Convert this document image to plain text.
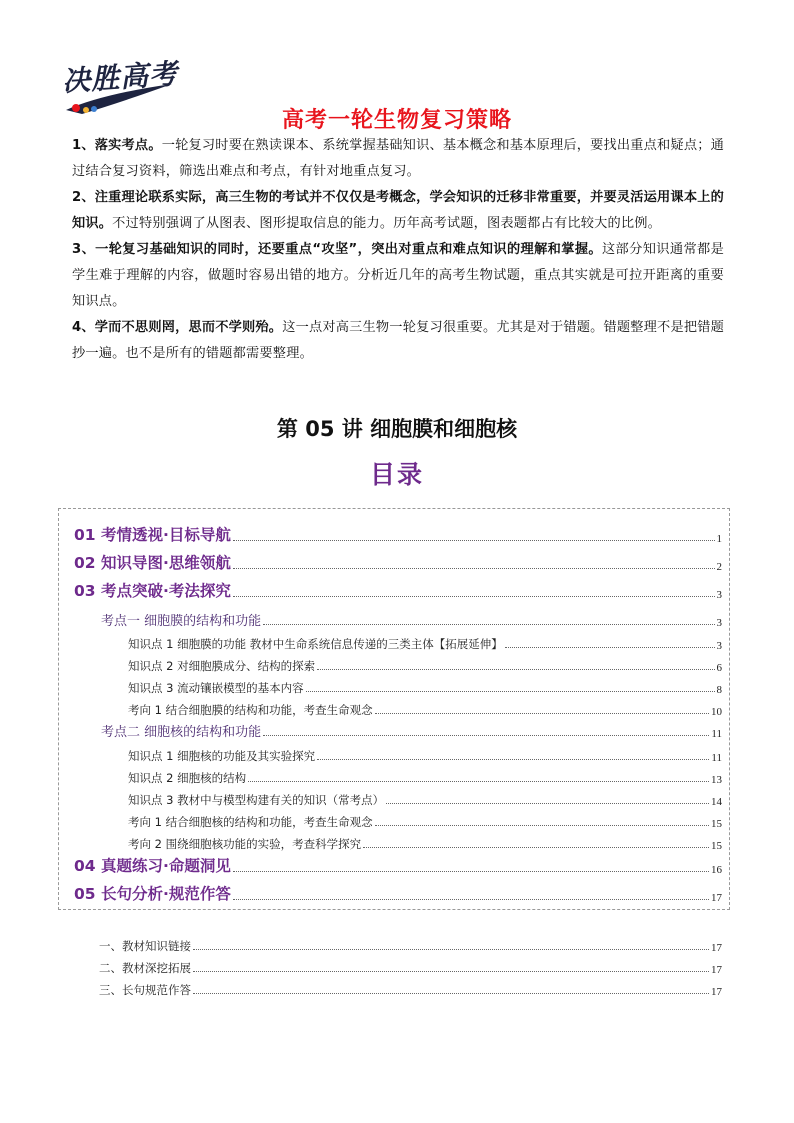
决胜高考
高考一轮生物复习策略

1、落实考点。一轮复习时要在熟读课本、系统掌握基础知识、基本概念和基本原理后，要找出重点和疑点；通过结合复习资料，筛选出难点和考点，有针对地重点复习。

2、注重理论联系实际，高三生物的考试并不仅仅是考概念，学会知识的迁移非常重要，并要灵活运用课本上的知识。不过特别强调了从图表、图形提取信息的能力。历年高考试题，图表题都占有比较大的比例。

3、一轮复习基础知识的同时，还要重点“攻坚”，突出对重点和难点知识的理解和掌握。这部分知识通常都是学生难于理解的内容，做题时容易出错的地方。分析近几年的高考生物试题，重点其实就是可拉开距离的重要知识点。

4、学而不思则罔，思而不学则殆。这一点对高三生物一轮复习很重要。尤其是对于错题。错题整理不是把错题抄一遍。也不是所有的错题都需要整理。

第 05 讲 细胞膜和细胞核
目录
01 考情透视·目标导航	1
02 知识导图·思维领航	2
03 考点突破·考法探究	3
考点一 细胞膜的结构和功能	3
知识点 1 细胞膜的功能 教材中生命系统信息传递的三类主体【拓展延伸】	3
知识点 2 对细胞膜成分、结构的探索	6
知识点 3 流动镶嵌模型的基本内容	8
考向 1 结合细胞膜的结构和功能，考查生命观念	10
考点二 细胞核的结构和功能	11
知识点 1 细胞核的功能及其实验探究	11
知识点 2 细胞核的结构	13
知识点 3 教材中与模型构建有关的知识（常考点）	14
考向 1 结合细胞核的结构和功能，考查生命观念	15
考向 2 围绕细胞核功能的实验，考查科学探究	15
04 真题练习·命题洞见	16
05 长句分析·规范作答	17
一、教材知识链接	17
二、教材深挖拓展	17
三、长句规范作答	17
